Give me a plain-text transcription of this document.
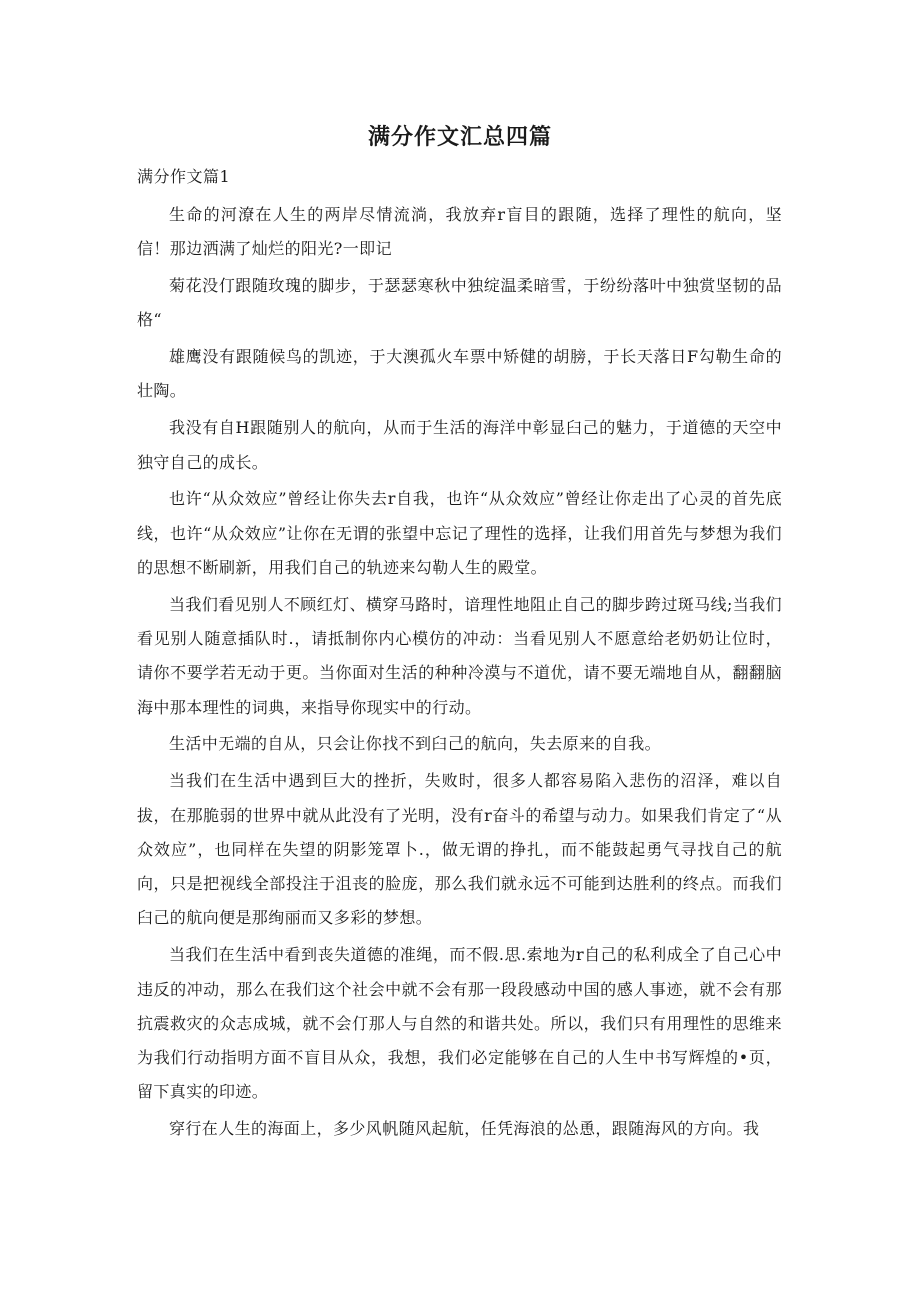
满分作文汇总四篇
满分作文篇1

生命的河潦在人生的两岸尽情流淌，我放弃r盲目的跟随，选择了理性的航向，坚信！那边洒满了灿烂的阳光?一即记

菊花没仃跟随玫瑰的脚步，于瑟瑟寒秋中独绽温柔暗雪，于纷纷落叶中独赏坚韧的品格“

雄鹰没有跟随候鸟的凯迹，于大澳孤火车票中矫健的胡膀，于长天落日F勾勒生命的壮陶。

我没有自H跟随别人的航向，从而于生活的海洋中彰显臼己的魅力，于道德的天空中独守自己的成长。

也许“从众效应”曾经让你失去r自我，也许“从众效应”曾经让你走出了心灵的首先底线，也许“从众效应”让你在无谓的张望中忘记了理性的选择，让我们用首先与梦想为我们的思想不断刷新，用我们自己的轨迹来勾勒人生的殿堂。

当我们看见别人不顾红灯、横穿马路时，谙理性地阻止自己的脚步跨过斑马线;当我们看见别人随意插队时.，请抵制你内心模仿的冲动：当看见别人不愿意给老奶奶让位时，请你不要学若无动于更。当你面对生活的种种冷漠与不道优，请不要无端地自从，翻翻脑海中那本理性的词典，来指导你现实中的行动。

生活中无端的自从，只会让你找不到臼己的航向，失去原来的自我。

当我们在生活中遇到巨大的挫折，失败时，很多人都容易陷入悲伤的沼泽，难以自拔，在那脆弱的世界中就从此没有了光明，没有r奋斗的希望与动力。如果我们肯定了“从众效应”，也同样在失望的阴影笼罩卜.，做无谓的挣扎，而不能鼓起勇气寻找自己的航向，只是把视线全部投注于沮丧的脸庞，那么我们就永远不可能到达胜利的终点。而我们臼己的航向便是那绚丽而又多彩的梦想。

当我们在生活中看到丧失道德的准绳，而不假.思.索地为r自己的私利成全了自己心中违反的冲动，那么在我们这个社会中就不会有那一段段感动中国的感人事迹，就不会有那抗震救灾的众志成城，就不会仃那人与自然的和谐共处。所以，我们只有用理性的思维来为我们行动指明方面不盲目从众，我想，我们必定能够在自己的人生中书写辉煌的•页，留下真实的印迹。

穿行在人生的海面上，多少风帆随风起航，任凭海浪的怂恿，跟随海风的方向。我
